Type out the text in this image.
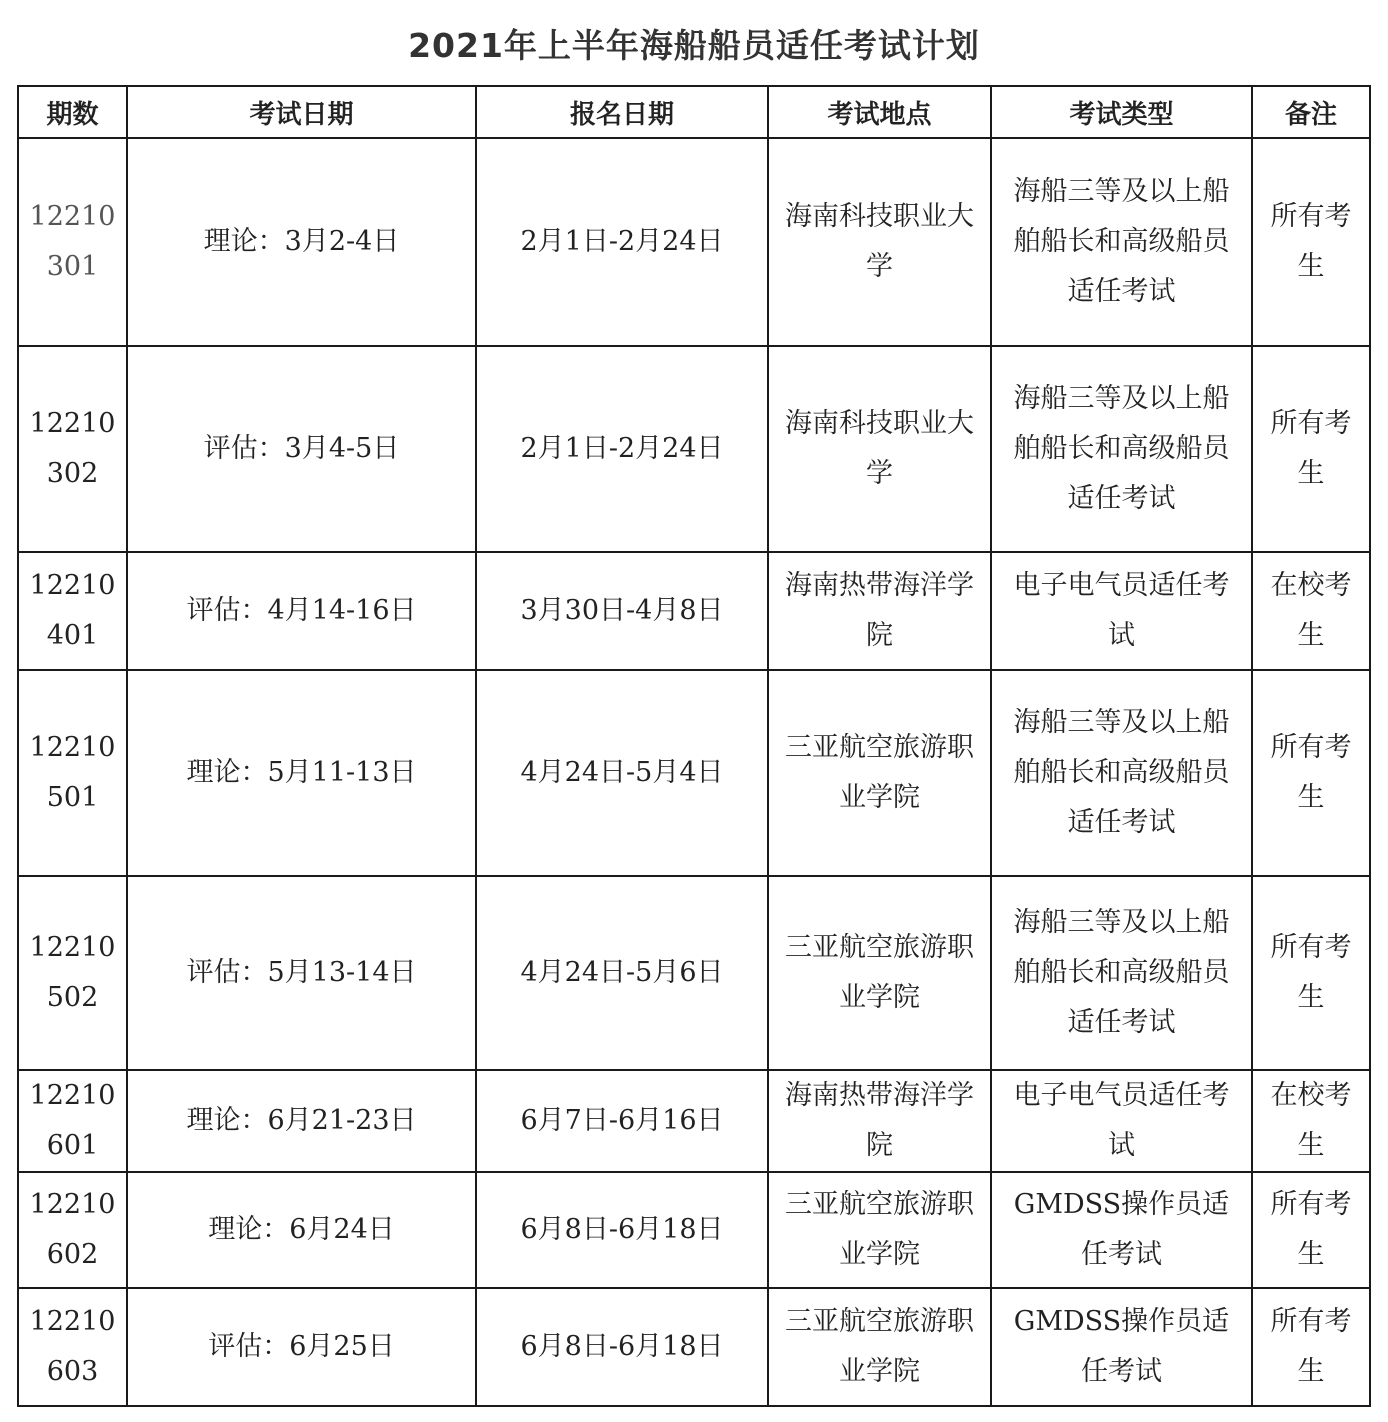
2021年上半年海船船员适任考试计划
期数	考试日期	报名日期	考试地点	考试类型	备注
12210301	理论：3月2-4日	2月1日-2月24日	海南科技职业大学	海船三等及以上船舶船长和高级船员适任考试	所有考生
12210302	评估：3月4-5日	2月1日-2月24日	海南科技职业大学	海船三等及以上船舶船长和高级船员适任考试	所有考生
12210401	评估：4月14-16日	3月30日-4月8日	海南热带海洋学院	电子电气员适任考试	在校考生
12210501	理论：5月11-13日	4月24日-5月4日	三亚航空旅游职业学院	海船三等及以上船舶船长和高级船员适任考试	所有考生
12210502	评估：5月13-14日	4月24日-5月6日	三亚航空旅游职业学院	海船三等及以上船舶船长和高级船员适任考试	所有考生
12210601	理论：6月21-23日	6月7日-6月16日	海南热带海洋学院	电子电气员适任考试	在校考生
12210602	理论：6月24日	6月8日-6月18日	三亚航空旅游职业学院	GMDSS操作员适任考试	所有考生
12210603	评估：6月25日	6月8日-6月18日	三亚航空旅游职业学院	GMDSS操作员适任考试	所有考生
